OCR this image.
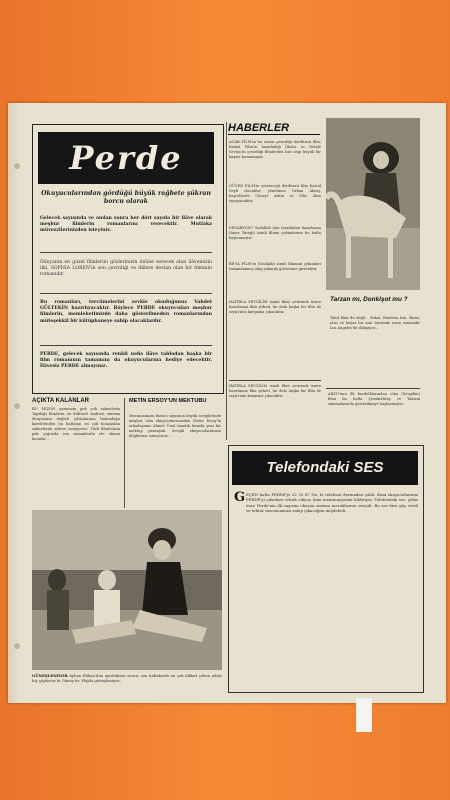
Perde
Okuyucularından gördüğü büyük rağbete şükran borcu olarak
Gelecek sayısında ve ondan sonra her dört sayıda bir ilâve olarak meşhur filmlerin romanlarını verecektir. Mutlaka müvezzilerinizden isteyiniz.
Dünyanın en güzel filmlerini gözlerinizin önüne serecek olan ilâvemizin ilki, SOPHIA LOREN'in son çevirdiği ve dillere destan olan bir filminin romanıdır.
Bu romanları, tercümelerini zevkle okuduğunuz Vahdet GÜLTEKİN hazırlıyacaktır. Böylece PERDE okuyucuları meşhur filmlerin, memleketimizde daha gösterilmeden romanlarından müteşekkil bir kütüphaneye sahip olacaklardır.
PERDE, gelecek sayısında renkli nefis ilâve tablodan başka bir film romanının tamamını da okuyucularına hediye edecektir. İlâvesiz PERDE almayınız.
AÇIKTA KALANLAR
BU SEZON yazımızın pek çok sahnelerin Taptlağı filmlerin en kültürel Andreot sinema dünyasının değerli yıldızlarının bulunduğu karelerinden bu haftanın en çok konuşulan sahnelerini sizlere sunuyoruz. Türk filmlerinin pek çoğunda son zamanlarda ele alınan konular...
METİN ERSOY'UN MEKTUBU
Mecmuamızın birinci sayısının büyük sevgilerinde meşhur olan okuyucularımızdan Metin Ersoy'la arkadaşımız Ahmet Ünal tanıdık larında yeni bir mektup yazmıştık. Sevgili okuyucularımızın bilgilerine sunuyoruz...
GÜNEŞLENİYOR Ayhan Ebkan'dan ayrıldıktan sonra, son haftalarda en çok dikkat çeken yıldız hiç şüphesiz ki Güneş'tir. Plajda güneşleniyor...
HABERLER
ACAR FİLM'in bu sezon çevirdiği dördüncü film; Kemal Film'in hazırladığı Öksüz ve Nebile Sevinç'in çevirdiği filmlerden biri olup büyük bir başarı kazanmıştır.
GÜVEN FİLM'in çevireceği dördüncü film Kartal Seyfi olacaktır; yönetmen Orhan Aksoy, başrollerde Cüneyt Arkın ve Filiz Akın oynayacaktır.
SENARYOSU Sadullah Şen tarafından hazırlanan (Anne Yüreği) isimli filmin çekimlerine bu hafta başlanmıştır.
BE-YA FİLM'in (Ondalık) isimli filminin çekimleri tamamlanmış olup yakında gösterime girecektir.
HATIRLA SEVGİLİM isimli filmi çevirmek üzere hazırlanan film şirketi, bu defa başka bir film ile seyircinin karşısına çıkacaktır.
HATIRLA SEVGİLİM isimli filmi çevirmek üzere hazırlanan film şirketi, bu defa başka bir film ile seyircinin karşısına çıkacaktır.
Tarzan mı, Donkişot mu ?
Tahil filmi de değil... Fakat, filmlerin biri. Birisi, atıcı ve beyaz bir atın üzerinde uzun zamandır Los Angeles'de dolaşıyor...
ARZU'nun ilk kordelâlarından olan (Sevgilim) filmi bu hafta Çemberlitaş ve Taksim sinemalarında gösterilmeye başlanmıştır...
Telefondaki SES
G EÇEN hafta PERDE'yi 22 35 87 No. lu telefonu durmadan çaldı. Kimi okuyucularımız PERDE'yi çıkarken tebrik ediyor, kimi memnuniyetini bildiriyor. Telefondaki ses, yıllar önce Perde'nin ilk sayısını okuyan sinema meraklısının sesiydi. Bu ses bize güç verdi ve tekrar mecmuamıza sahip çıkacağını müjdeledi...
